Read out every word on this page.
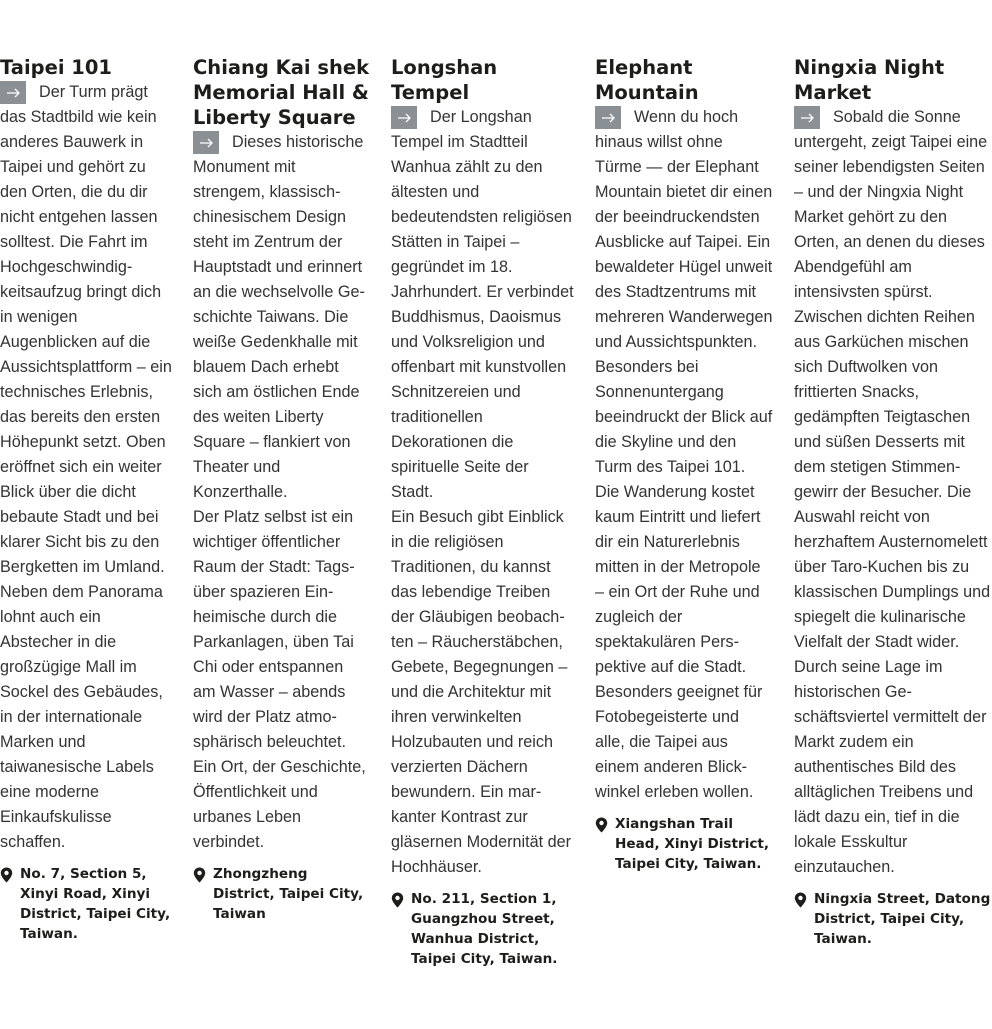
Taipei 101

Der Turm prägt das Stadtbild wie kein anderes Bauwerk in Taipei und gehört zu den Orten, die du dir nicht entgehen lassen solltest. Die Fahrt im Hochgeschwindigkeitsaufzug bringt dich in wenigen Augenblicken auf die Aussichtsplattform – ein technisches Erlebnis, das bereits den ersten Höhepunkt setzt. Oben eröffnet sich ein weiter Blick über die dicht bebaute Stadt und bei klarer Sicht bis zu den Bergketten im Umland. Neben dem Panorama lohnt auch ein Abstecher in die großzügige Mall im Sockel des Gebäudes, in der internationale Marken und taiwanesische Labels eine moderne Einkaufskulisse schaffen.

No. 7, Section 5, Xinyi Road, Xinyi District, Taipei City, Taiwan.
Chiang Kai shek
Memorial Hall &
Liberty Square

Dieses historische Monument mit strengem, klassisch-chinesischem Design steht im Zentrum der Hauptstadt und erinnert an die wechselvolle Geschichte Taiwans. Die weiße Gedenkhalle mit blauem Dach erhebt sich am östlichen Ende des weiten Liberty Square – flankiert von Theater und Konzerthalle.

Der Platz selbst ist ein wichtiger öffentlicher Raum der Stadt: Tagsüber spazieren Einheimische durch die Parkanlagen, üben Tai Chi oder entspannen am Wasser – abends wird der Platz atmosphärisch beleuchtet. Ein Ort, der Geschichte, Öffentlichkeit und urbanes Leben verbindet.

Zhongzheng District, Taipei City, Taiwan
Longshan
Tempel

Der Longshan Tempel im Stadtteil Wanhua zählt zu den ältesten und bedeutendsten religiösen Stätten in Taipei – gegründet im 18. Jahrhundert. Er verbindet Buddhismus, Daoismus und Volksreligion und offenbart mit kunstvollen Schnitzereien und traditionellen Dekorationen die spirituelle Seite der Stadt.

Ein Besuch gibt Einblick in die religiösen Traditionen, du kannst das lebendige Treiben der Gläubigen beobachten – Räucherstäbchen, Gebete, Begegnungen – und die Architektur mit ihren verwinkelten Holzubauten und reich verzierten Dächern bewundern. Ein markanter Kontrast zur gläsernen Modernität der Hochhäuser.

No. 211, Section 1, Guangzhou Street, Wanhua District, Taipei City, Taiwan.
Elephant
Mountain

Wenn du hoch hinaus willst ohne Türme — der Elephant Mountain bietet dir einen der beeindruckendsten Ausblicke auf Taipei. Ein bewaldeter Hügel unweit des Stadtzentrums mit mehreren Wanderwegen und Aussichtspunkten. Besonders bei Sonnenuntergang beeindruckt der Blick auf die Skyline und den Turm des Taipei 101.

Die Wanderung kostet kaum Eintritt und liefert dir ein Naturerlebnis mitten in der Metropole – ein Ort der Ruhe und zugleich der spektakulären Perspektive auf die Stadt. Besonders geeignet für Fotobegeisterte und alle, die Taipei aus einem anderen Blickwinkel erleben wollen.

Xiangshan Trail Head, Xinyi District, Taipei City, Taiwan.
Ningxia Night
Market

Sobald die Sonne untergeht, zeigt Taipei eine seiner lebendigsten Seiten – und der Ningxia Night Market gehört zu den Orten, an denen du dieses Abendgefühl am intensivsten spürst. Zwischen dichten Reihen aus Garküchen mischen sich Duftwolken von frittierten Snacks, gedämpften Teigtaschen und süßen Desserts mit dem stetigen Stimmengewirr der Besucher. Die Auswahl reicht von herzhaftem Austernomelett über Taro-Kuchen bis zu klassischen Dumplings und spiegelt die kulinarische Vielfalt der Stadt wider. Durch seine Lage im historischen Geschäftsviertel vermittelt der Markt zudem ein authentisches Bild des alltäglichen Treibens und lädt dazu ein, tief in die lokale Esskultur einzutauchen.

Ningxia Street, Datong District, Taipei City, Taiwan.
